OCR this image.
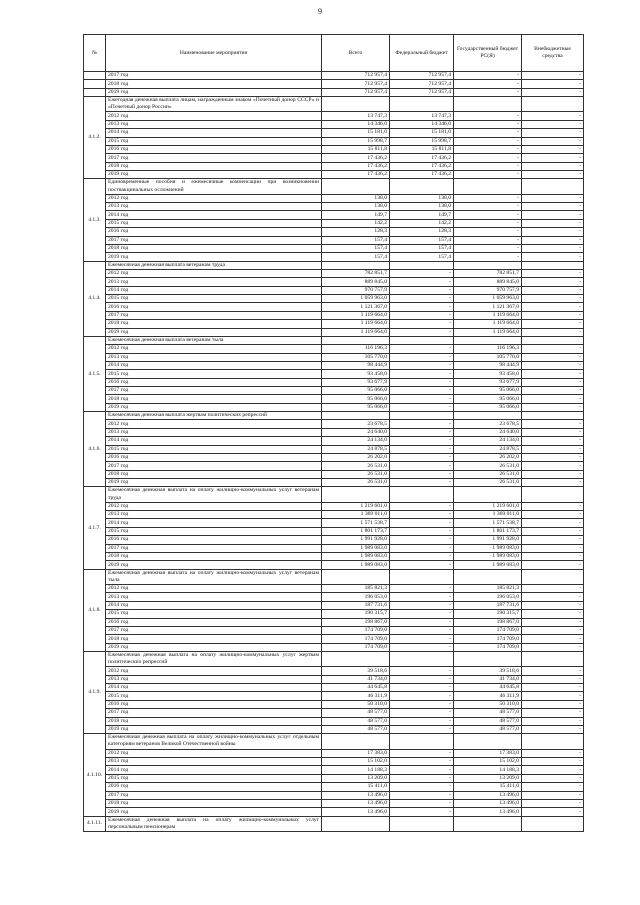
9
№	Наименование мероприятия	Всего	Федеральный бюджет	Государственный бюджет РС(Я)	Внебюджетные средства
	2017 год	712 957,4	712 957,4	-	-
	2018 год	712 957,4	712 957,4	-	-
	2019 год	712 957,4	712 957,4	-	-
4.1.2.	Ежегодная денежная выплата лицам, награжденным знаком «Почетный донор СССР» и «Почетный донор России»				
	2012 год	13 747,3	13 747,3	-	-
	2013 год	14 346,0	14 346,0	-	-
	2014 год	15 181,0	15 181,0	-	-
	2015 год	15 998,7	15 998,7	-	-
	2016 год	15 811,8	15 811,8	-	-
	2017 год	17 436,2	17 436,2	-	-
	2018 год	17 436,2	17 436,2	-	-
	2019 год	17 436,2	17 436,2	-	-
4.1.3.	Единовременные пособия и ежемесячные компенсации при возникновении поствакцинальных осложнений				
	2012 год	138,0	138,0	-	-
	2013 год	138,0	138,0	-	-
	2014 год	149,7	149,7	-	-
	2015 год	142,2	142,2	-	-
	2016 год	128,3	128,3	-	-
	2017 год	157,4	157,4	-	-
	2018 год	157,4	157,4	-	-
	2019 год	157,4	157,4	-	-
4.1.4.	Ежемесячная денежная выплата ветеранам труда				
	2012 год	782 851,7	-	782 851,7	-
	2013 год	889 845,0	-	889 845,0	-
	2014 год	970 757,9	-	970 757,9	-
	2015 год	1 059 963,0	-	1 059 963,0	-
	2016 год	1 121 367,0	-	1 121 367,0	-
	2017 год	1 119 664,0	-	1 119 664,0	-
	2018 год	1 119 664,0	-	1 119 664,0	-
	2019 год	1 119 664,0	-	1 119 664,0	-
4.1.5.	Ежемесячная денежная выплата ветеранам тыла				
	2012 год	116 196,3	-	116 196,3	-
	2013 год	105 770,0	-	105 770,0	-
	2014 год	98 444,9	-	98 444,9	-
	2015 год	93 458,0	-	93 458,0	-
	2016 год	93 677,9	-	93 677,9	-
	2017 год	95 066,0	-	95 066,0	-
	2018 год	95 066,0	-	95 066,0	-
	2019 год	95 066,0	-	95 066,0	-
4.1.6.	Ежемесячная денежная выплата жертвам политических репрессий				
	2012 год	23 678,5	-	23 678,5	-
	2013 год	24 640,0	-	24 640,0	-
	2014 год	24 134,0	-	24 134,0	-
	2015 год	24 878,5	-	24 878,5	-
	2016 год	26 202,0	-	26 202,0	-
	2017 год	26 531,0	-	26 531,0	-
	2018 год	26 531,0	-	26 531,0	-
	2019 год	26 531,0	-	26 531,0	-
4.1.7.	Ежемесячная денежная выплата на оплату жилищно-коммунальных услуг ветеранам труда				
	2012 год	1 219 601,0	-	1 219 601,0	-
	2013 год	1 369 011,0	-	1 369 011,0	-
	2014 год	1 571 538,7	-	1 571 538,7	-
	2015 год	1 801 173,7	-	1 801 173,7	-
	2016 год	1 991 928,0	-	1 991 928,0	-
	2017 год	1 989 083,0	-	1 989 083,0	-
	2018 год	1 989 083,0	-	1 989 083,0	-
	2019 год	1 989 083,0	-	1 989 083,0	-
4.1.8.	Ежемесячная денежная выплата на оплату жилищно-коммунальных услуг ветеранам тыла				
	2012 год	185 821,3	-	185 821,3	-
	2013 год	196 053,0	-	196 053,0	-
	2014 год	187 731,6	-	187 731,6	-
	2015 год	190 315,7	-	190 315,7	-
	2016 год	198 867,0	-	198 867,0	-
	2017 год	174 709,0	-	174 709,0	-
	2018 год	174 709,0	-	174 709,0	-
	2019 год	174 709,0	-	174 709,0	-
4.1.9.	Ежемесячная денежная выплата на оплату жилищно-коммунальных услуг жертвам политических репрессий				
	2012 год	39 518,6	-	39 518,6	-
	2013 год	41 734,0	-	41 734,0	-
	2014 год	44 645,8	-	44 645,8	-
	2015 год	46 311,9	-	46 311,9	-
	2016 год	50 310,0	-	50 310,0	-
	2017 год	48 577,0	-	48 577,0	-
	2018 год	48 577,0	-	48 577,0	-
	2019 год	48 577,0	-	48 577,0	-
4.1.10.	Ежемесячная денежная выплата на оплату жилищно-коммунальных услуг отдельным категориям ветеранов Великой Отечественной войны				
	2012 год	17 383,0	-	17 383,0	-
	2013 год	15 102,0	-	15 102,0	-
	2014 год	14 188,3	-	14 188,3	-
	2015 год	13 209,0	-	13 209,0	-
	2016 год	15 411,0	-	15 411,0	-
	2017 год	13 496,0	-	13 496,0	-
	2018 год	13 496,0	-	13 496,0	-
	2019 год	13 496,0	-	13 496,0	-
4.1.11.	Ежемесячная денежная выплата на оплату жилищно-коммунальных услуг персональным пенсионерам				
